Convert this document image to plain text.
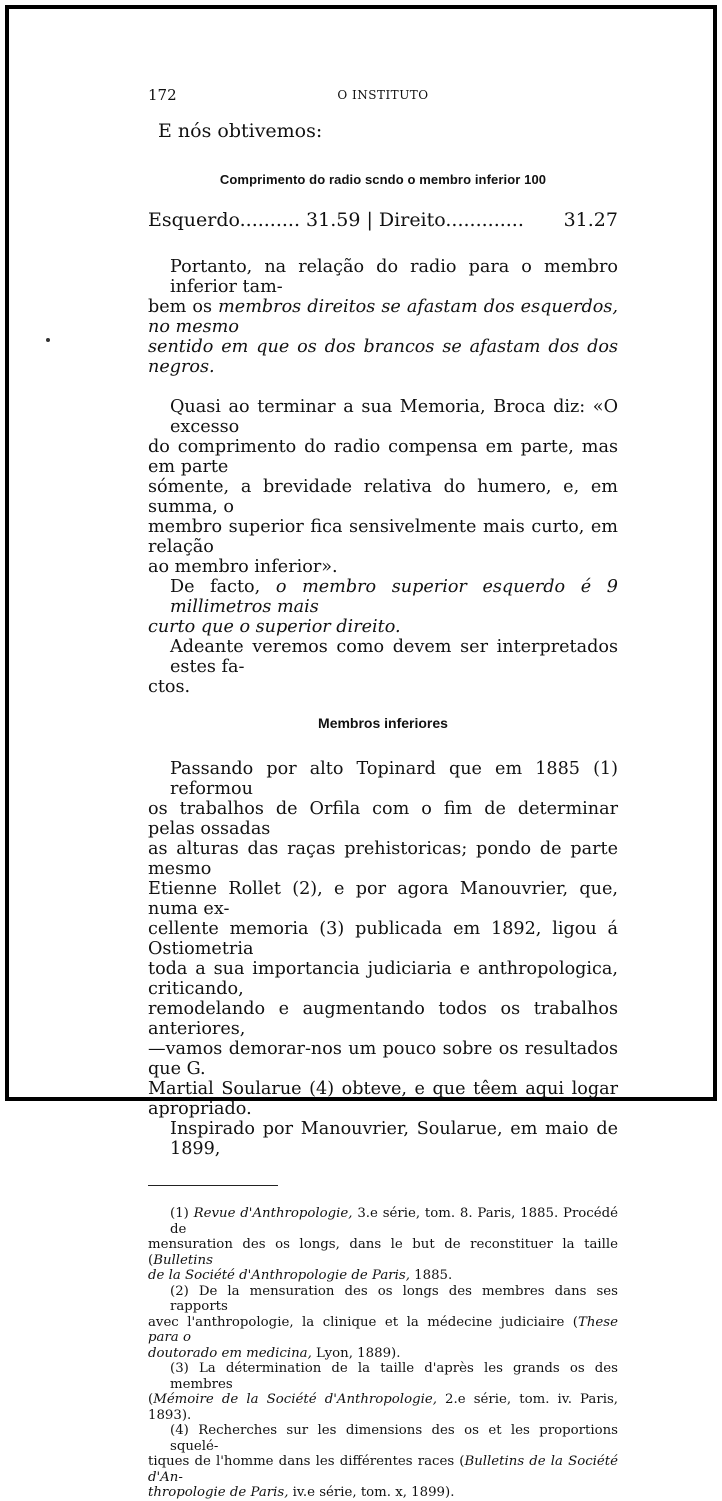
172	O INSTITUTO
E nós obtivemos:
Comprimento do radio scndo o membro inferior 100
Esquerdo.......... 31.59 | Direito............. 31.27
Portanto, na relação do radio para o membro inferior tam-
bem os membros direitos se afastam dos esquerdos, no mesmo
sentido em que os dos brancos se afastam dos dos negros.
Quasi ao terminar a sua Memoria, Broca diz: «O excesso
do comprimento do radio compensa em parte, mas em parte
sómente, a brevidade relativa do humero, e, em summa, o
membro superior fica sensivelmente mais curto, em relação
ao membro inferior».
De facto, o membro superior esquerdo é 9 millimetros mais
curto que o superior direito.
Adeante veremos como devem ser interpretados estes fa-
ctos.
Membros inferiores
Passando por alto Topinard que em 1885 (1) reformou
os trabalhos de Orfila com o fim de determinar pelas ossadas
as alturas das raças prehistoricas; pondo de parte mesmo
Etienne Rollet (2), e por agora Manouvrier, que, numa ex-
cellente memoria (3) publicada em 1892, ligou á Ostiometria
toda a sua importancia judiciaria e anthropologica, criticando,
remodelando e augmentando todos os trabalhos anteriores,
—vamos demorar-nos um pouco sobre os resultados que G.
Martial Soularue (4) obteve, e que têem aqui logar apropriado.
Inspirado por Manouvrier, Soularue, em maio de 1899,
(1) Revue d'Anthropologie, 3.e série, tom. 8. Paris, 1885. Procédé de
mensuration des os longs, dans le but de reconstituer la taille (Bulletins
de la Société d'Anthropologie de Paris, 1885.
(2) De la mensuration des os longs des membres dans ses rapports
avec l'anthropologie, la clinique et la médecine judiciaire (These para o
doutorado em medicina, Lyon, 1889).
(3) La détermination de la taille d'après les grands os des membres
(Mémoire de la Société d'Anthropologie, 2.e série, tom. iv. Paris, 1893).
(4) Recherches sur les dimensions des os et les proportions squelé-
tiques de l'homme dans les différentes races (Bulletins de la Société d'An-
thropologie de Paris, iv.e série, tom. x, 1899).
